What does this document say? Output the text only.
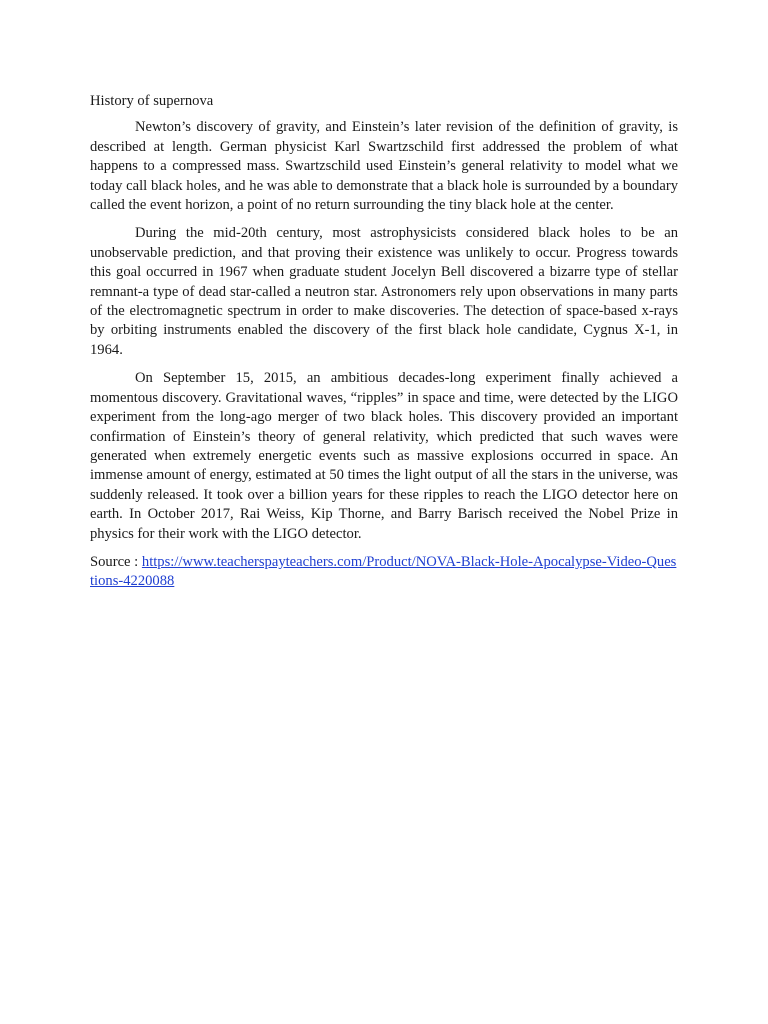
History of supernova

Newton’s discovery of gravity, and Einstein’s later revision of the definition of gravity, is described at length. German physicist Karl Swartzschild first addressed the problem of what happens to a compressed mass. Swartzschild used Einstein’s general relativity to model what we today call black holes, and he was able to demonstrate that a black hole is surrounded by a boundary called the event horizon, a point of no return surrounding the tiny black hole at the center.

During the mid-20th century, most astrophysicists considered black holes to be an unobservable prediction, and that proving their existence was unlikely to occur. Progress towards this goal occurred in 1967 when graduate student Jocelyn Bell discovered a bizarre type of stellar remnant-a type of dead star-called a neutron star. Astronomers rely upon observations in many parts of the electromagnetic spectrum in order to make discoveries. The detection of space-based x-rays by orbiting instruments enabled the discovery of the first black hole candidate, Cygnus X-1, in 1964.

On September 15, 2015, an ambitious decades-long experiment finally achieved a momentous discovery. Gravitational waves, “ripples” in space and time, were detected by the LIGO experiment from the long-ago merger of two black holes. This discovery provided an important confirmation of Einstein’s theory of general relativity, which predicted that such waves were generated when extremely energetic events such as massive explosions occurred in space. An immense amount of energy, estimated at 50 times the light output of all the stars in the universe, was suddenly released. It took over a billion years for these ripples to reach the LIGO detector here on earth. In October 2017, Rai Weiss, Kip Thorne, and Barry Barisch received the Nobel Prize in physics for their work with the LIGO detector.

Source : https://www.teacherspayteachers.com/Product/NOVA-Black-Hole-Apocalypse-Video-Questions-4220088
